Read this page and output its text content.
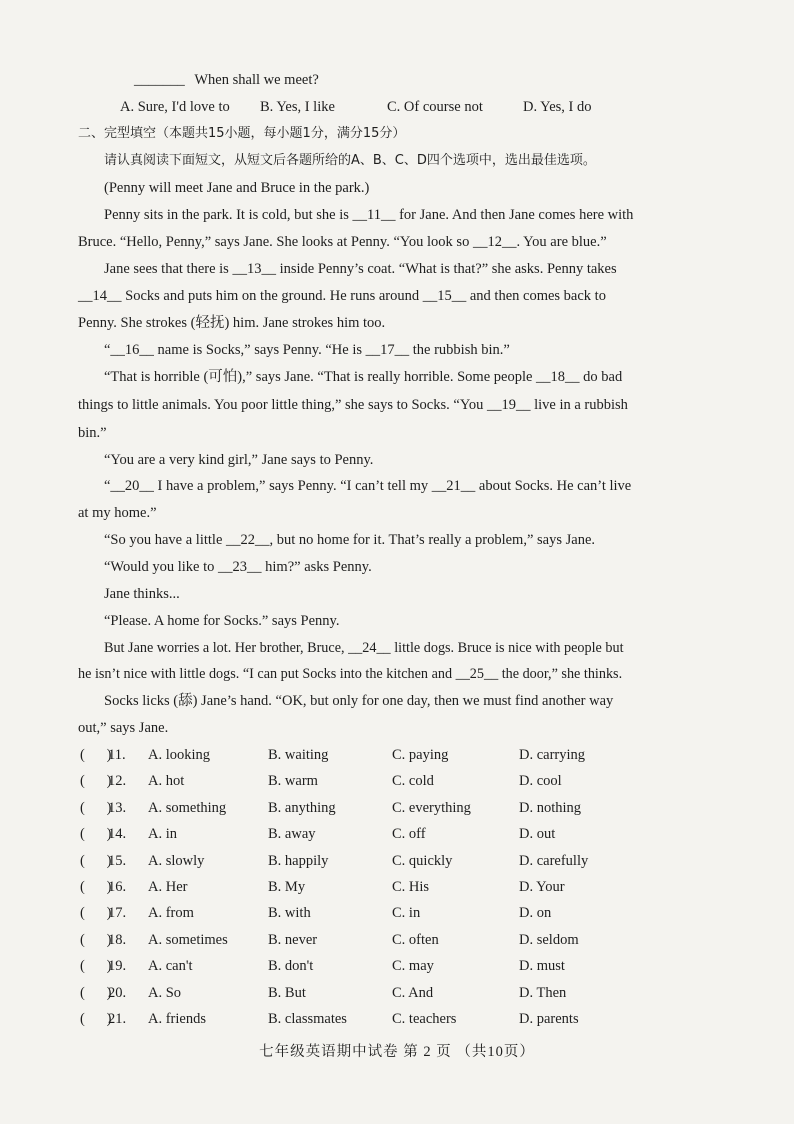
_______ When shall we meet?
A. Sure, I'd love to B. Yes, I like	C. Of course not	D. Yes, I do
二、完型填空（本题共15小题，每小题1分，满分15分）
请认真阅读下面短文，从短文后各题所给的A、B、C、D四个选项中，选出最佳选项。
(Penny will meet Jane and Bruce in the park.)
Penny sits in the park. It is cold, but she is __11__ for Jane. And then Jane comes here with
Bruce. “Hello, Penny,” says Jane. She looks at Penny. “You look so __12__. You are blue.”
Jane sees that there is __13__ inside Penny’s coat. “What is that?” she asks. Penny takes
__14__ Socks and puts him on the ground. He runs around __15__ and then comes back to
Penny. She strokes (轻抚) him. Jane strokes him too.
“__16__ name is Socks,” says Penny. “He is __17__ the rubbish bin.”
“That is horrible (可怕),” says Jane. “That is really horrible. Some people __18__ do bad
things to little animals. You poor little thing,” she says to Socks. “You __19__ live in a rubbish
bin.”
“You are a very kind girl,” Jane says to Penny.
“__20__ I have a problem,” says Penny. “I can’t tell my __21__ about Socks. He can’t live
at my home.”
“So you have a little __22__, but no home for it. That’s really a problem,” says Jane.
“Would you like to __23__ him?” asks Penny.
Jane thinks...
“Please. A home for Socks.” says Penny.
But Jane worries a lot. Her brother, Bruce, __24__ little dogs. Bruce is nice with people but
he isn’t nice with little dogs. “I can put Socks into the kitchen and __25__ the door,” she thinks.
Socks licks (舔) Jane’s hand. “OK, but only for one day, then we must find another way
out,” says Jane.
(      )
11. A. looking	B. waiting	C. paying	D. carrying
(      )
12. A. hot	B. warm	C. cold	D. cool
(      )
13. A. something	B. anything	C. everything	D. nothing
(      )
14. A. in	B. away	C. off	D. out
(      )
15. A. slowly	B. happily	C. quickly	D. carefully
(      )
16. A. Her	B. My	C. His	D. Your
(      )
17. A. from	B. with	C. in	D. on
(      )
18. A. sometimes	B. never	C. often	D. seldom
(      )
19. A. can't	B. don't	C. may	D. must
(      )
20. A. So	B. But	C. And	D. Then
(      )
21. A. friends	B. classmates	C. teachers	D. parents
七年级英语期中试卷 第 2 页 （共10页）
